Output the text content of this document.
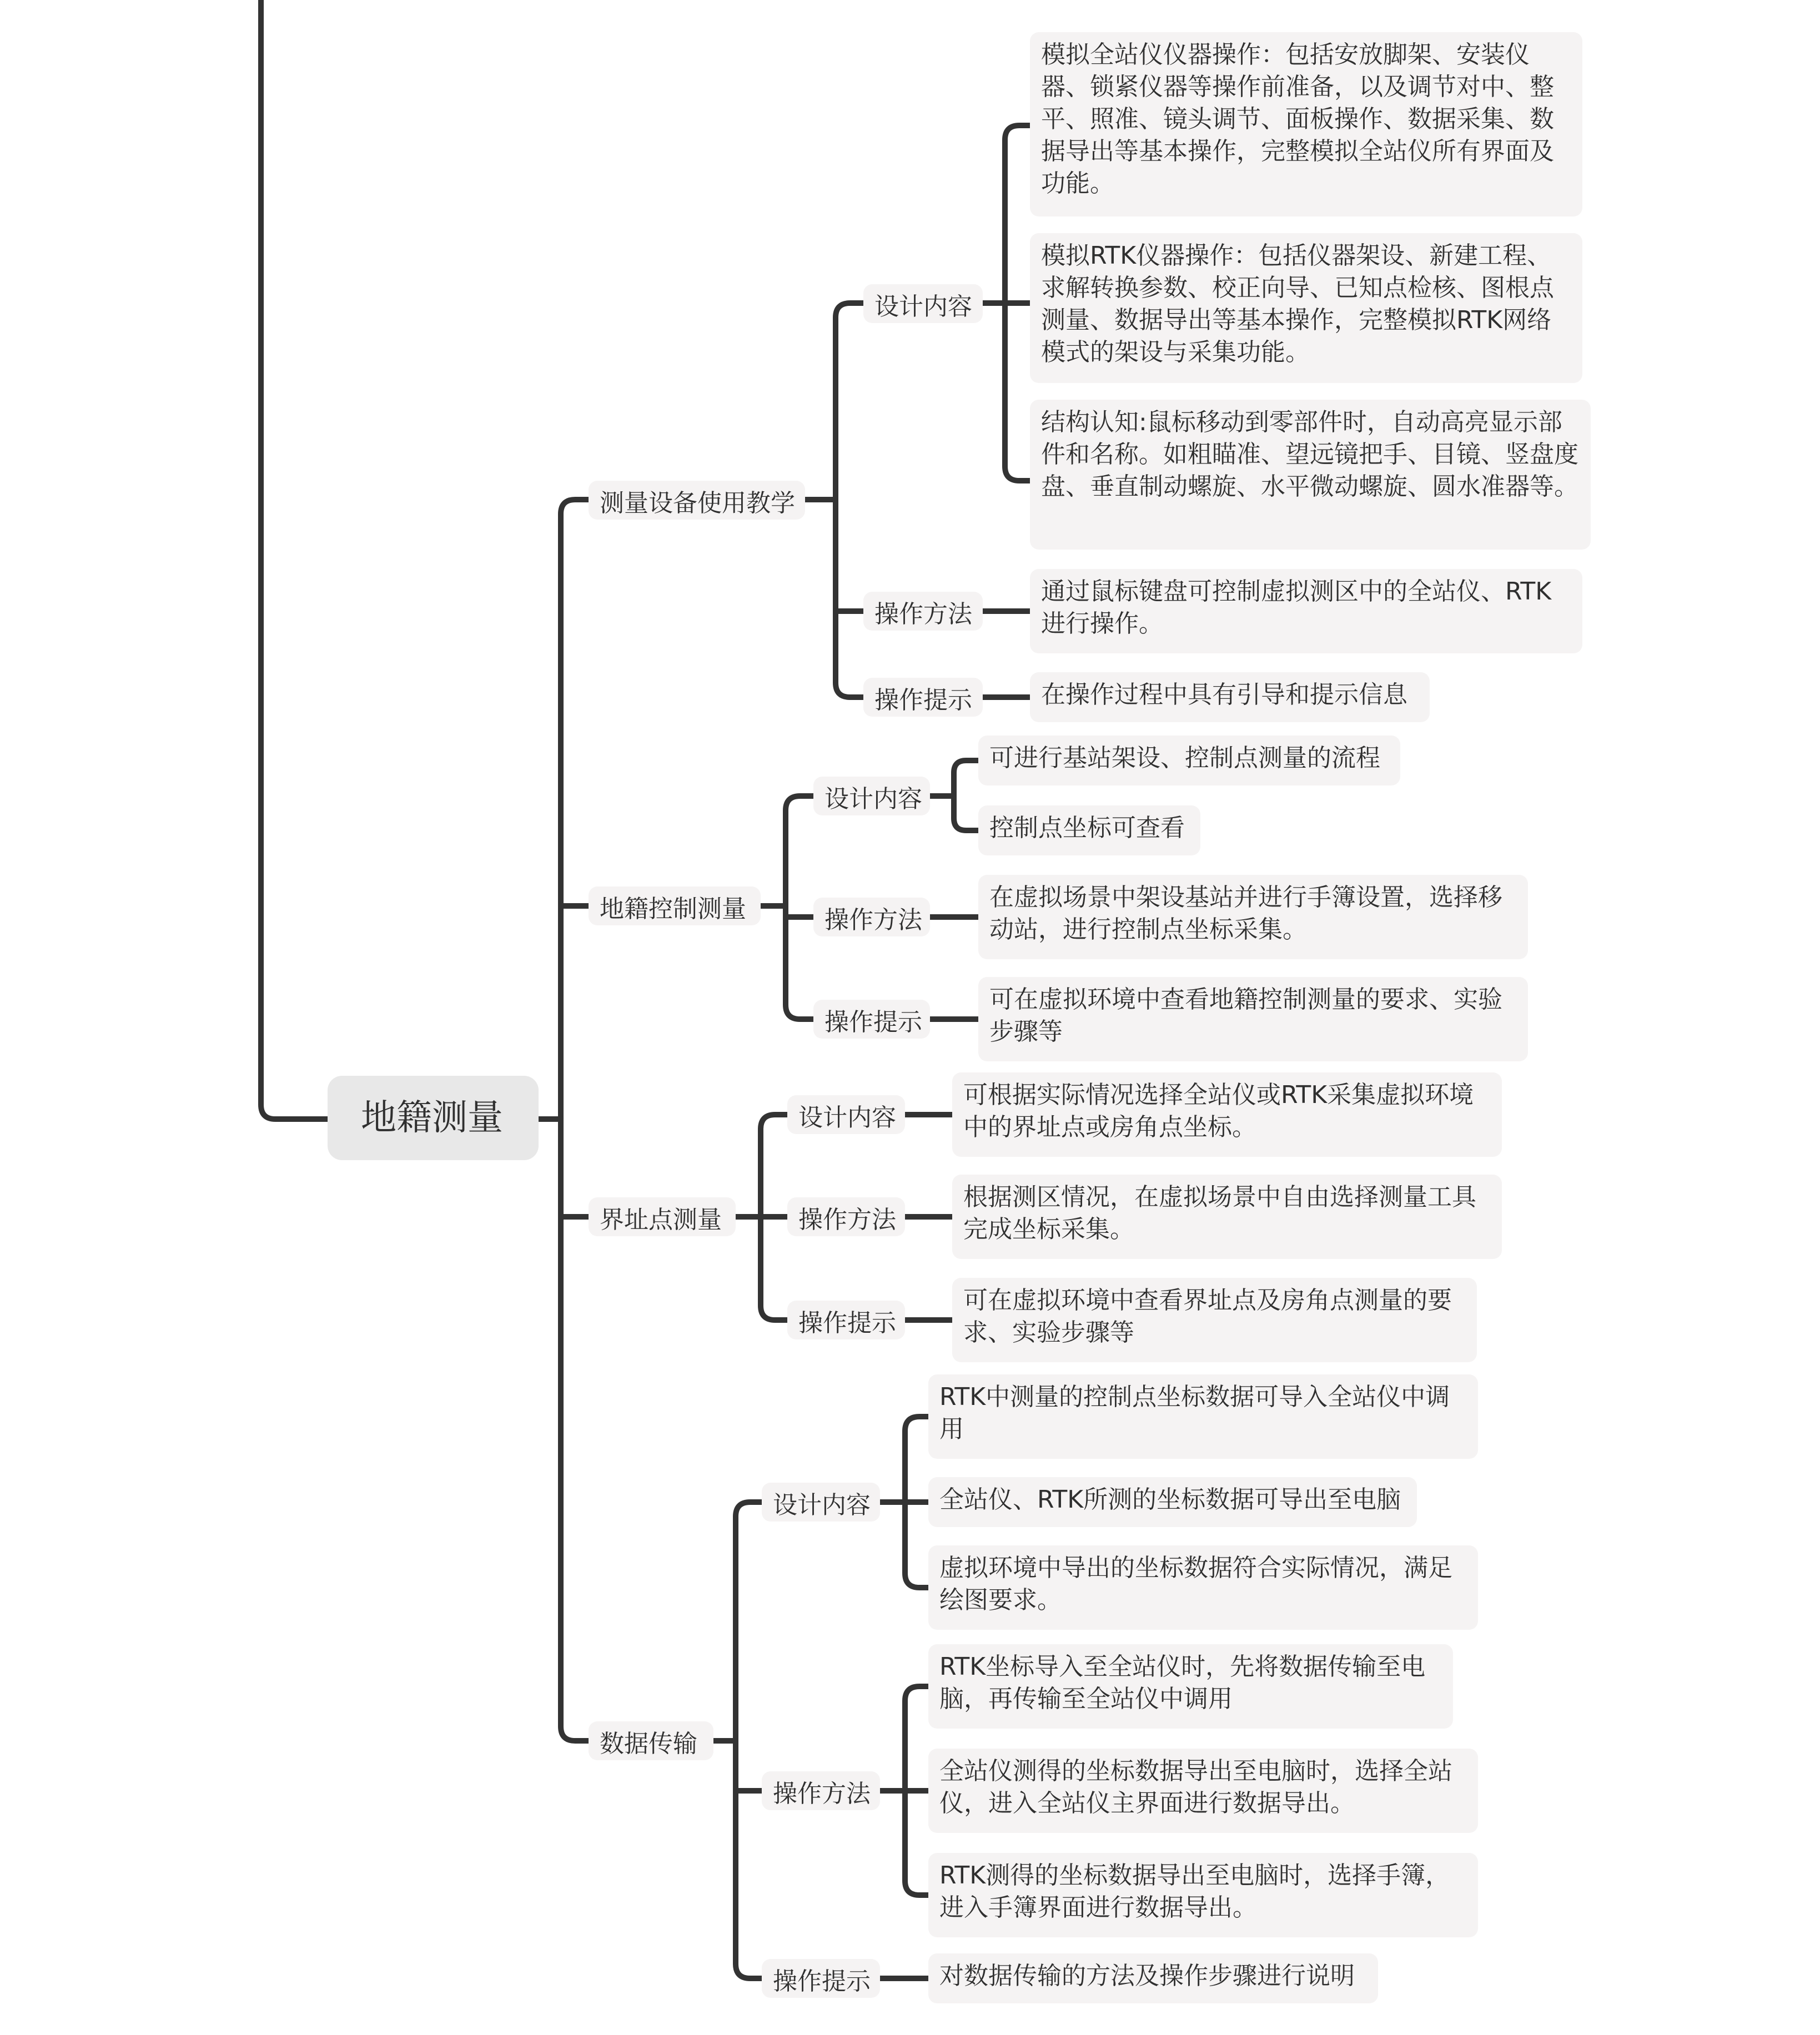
地籍测量
测量设备使用教学
设计内容
操作方法
操作提示
模拟全站仪仪器操作：包括安放脚架、安装仪器、锁紧仪器等操作前准备，以及调节对中、整平、照准、镜头调节、面板操作、数据采集、数据导出等基本操作，完整模拟全站仪所有界面及功能。
模拟RTK仪器操作：包括仪器架设、新建工程、求解转换参数、校正向导、已知点检核、图根点测量、数据导出等基本操作，完整模拟RTK网络模式的架设与采集功能。
结构认知:鼠标移动到零部件时，自动高亮显示部件和名称。如粗瞄准、望远镜把手、目镜、竖盘度盘、垂直制动螺旋、水平微动螺旋、圆水准器等。
通过鼠标键盘可控制虚拟测区中的全站仪、RTK进行操作。
在操作过程中具有引导和提示信息
地籍控制测量
设计内容
操作方法
操作提示
可进行基站架设、控制点测量的流程
控制点坐标可查看
在虚拟场景中架设基站并进行手簿设置，选择移动站，进行控制点坐标采集。
可在虚拟环境中查看地籍控制测量的要求、实验步骤等
界址点测量
设计内容
操作方法
操作提示
可根据实际情况选择全站仪或RTK采集虚拟环境中的界址点或房角点坐标。
根据测区情况，在虚拟场景中自由选择测量工具完成坐标采集。
可在虚拟环境中查看界址点及房角点测量的要求、实验步骤等
数据传输
设计内容
操作方法
操作提示
RTK中测量的控制点坐标数据可导入全站仪中调用
全站仪、RTK所测的坐标数据可导出至电脑
虚拟环境中导出的坐标数据符合实际情况，满足绘图要求。
RTK坐标导入至全站仪时，先将数据传输至电脑，再传输至全站仪中调用
全站仪测得的坐标数据导出至电脑时，选择全站仪，进入全站仪主界面进行数据导出。
RTK测得的坐标数据导出至电脑时，选择手簿，进入手簿界面进行数据导出。
对数据传输的方法及操作步骤进行说明
